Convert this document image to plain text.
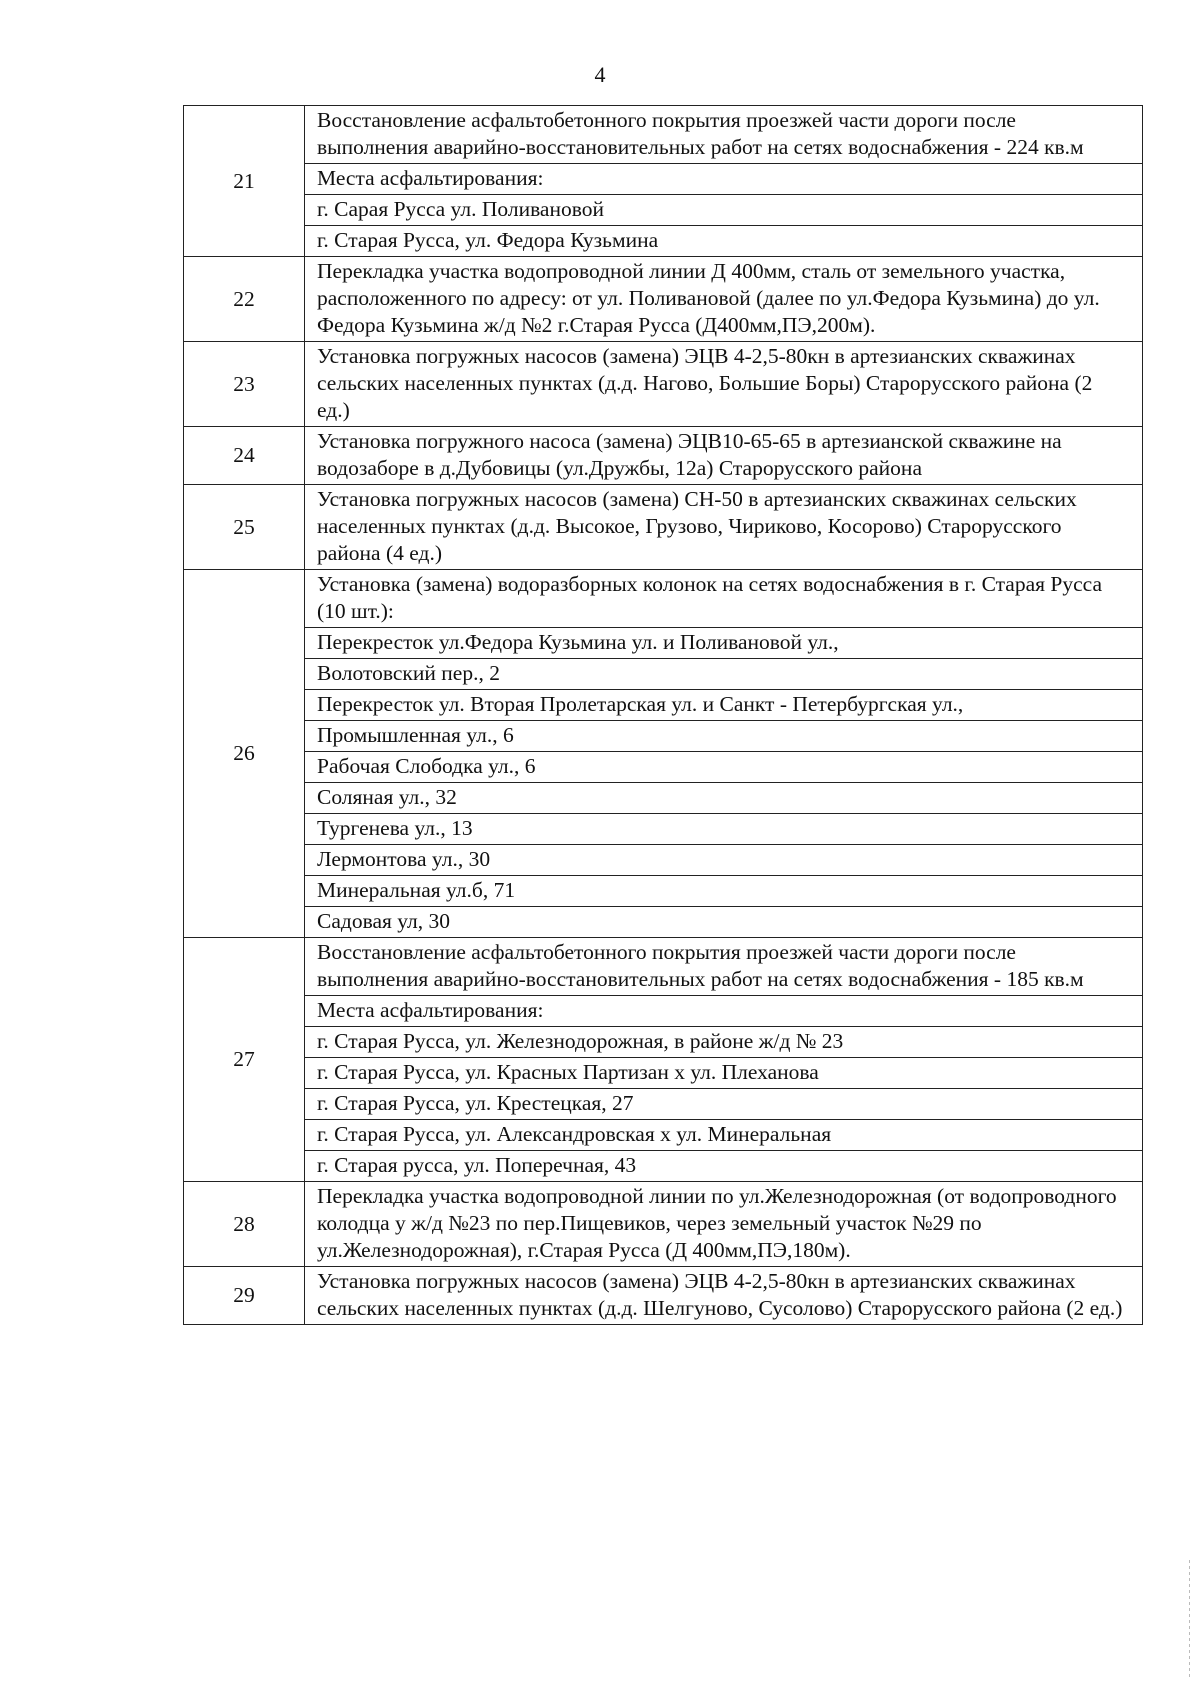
4
21	Восстановление асфальтобетонного покрытия проезжей части дороги после выполнения аварийно-восстановительных работ на сетях водоснабжения - 224 кв.м
	Места асфальтирования:
	г. Сарая Русса ул. Поливановой
	г. Старая Русса, ул. Федора Кузьмина
22	Перекладка участка водопроводной линии Д 400мм, сталь от земельного участка, расположенного по адресу: от ул. Поливановой (далее по ул.Федора Кузьмина) до ул. Федора Кузьмина ж/д №2 г.Старая Русса (Д400мм,ПЭ,200м).
23	Установка погружных насосов (замена) ЭЦВ 4-2,5-80кн в артезианских скважинах сельских населенных пунктах (д.д. Нагово, Большие Боры) Старорусского района (2 ед.)
24	Установка погружного насоса (замена) ЭЦВ10-65-65 в артезианской скважине на водозаборе в д.Дубовицы (ул.Дружбы, 12а) Старорусского района
25	Установка погружных насосов (замена) СН-50 в артезианских скважинах сельских населенных пунктах (д.д. Высокое, Грузово, Чириково, Косорово) Старорусского района (4 ед.)
26	Установка (замена) водоразборных колонок на сетях водоснабжения в г. Старая Русса (10 шт.):
	Перекресток ул.Федора Кузьмина ул. и Поливановой ул.,
	Волотовский пер., 2
	Перекресток ул. Вторая Пролетарская ул. и Санкт - Петербургская ул.,
	Промышленная ул., 6
	Рабочая Слободка ул., 6
	Соляная ул., 32
	Тургенева ул., 13
	Лермонтова ул., 30
	Минеральная ул.б, 71
	Садовая ул, 30
27	Восстановление асфальтобетонного покрытия проезжей части дороги после выполнения аварийно-восстановительных работ на сетях водоснабжения - 185 кв.м
	Места асфальтирования:
	г. Старая Русса, ул. Железнодорожная, в районе ж/д № 23
	г. Старая Русса, ул. Красных Партизан х ул. Плеханова
	г. Старая Русса, ул. Крестецкая, 27
	г. Старая Русса, ул. Александровская х ул. Минеральная
	г. Старая русса, ул. Поперечная, 43
28	Перекладка участка водопроводной линии по ул.Железнодорожная (от водопроводного колодца у ж/д №23 по пер.Пищевиков, через земельный участок №29 по ул.Железнодорожная), г.Старая Русса (Д 400мм,ПЭ,180м).
29	Установка погружных насосов (замена) ЭЦВ 4-2,5-80кн в артезианских скважинах сельских населенных пунктах (д.д. Шелгуново, Сусолово) Старорусского района (2 ед.)
